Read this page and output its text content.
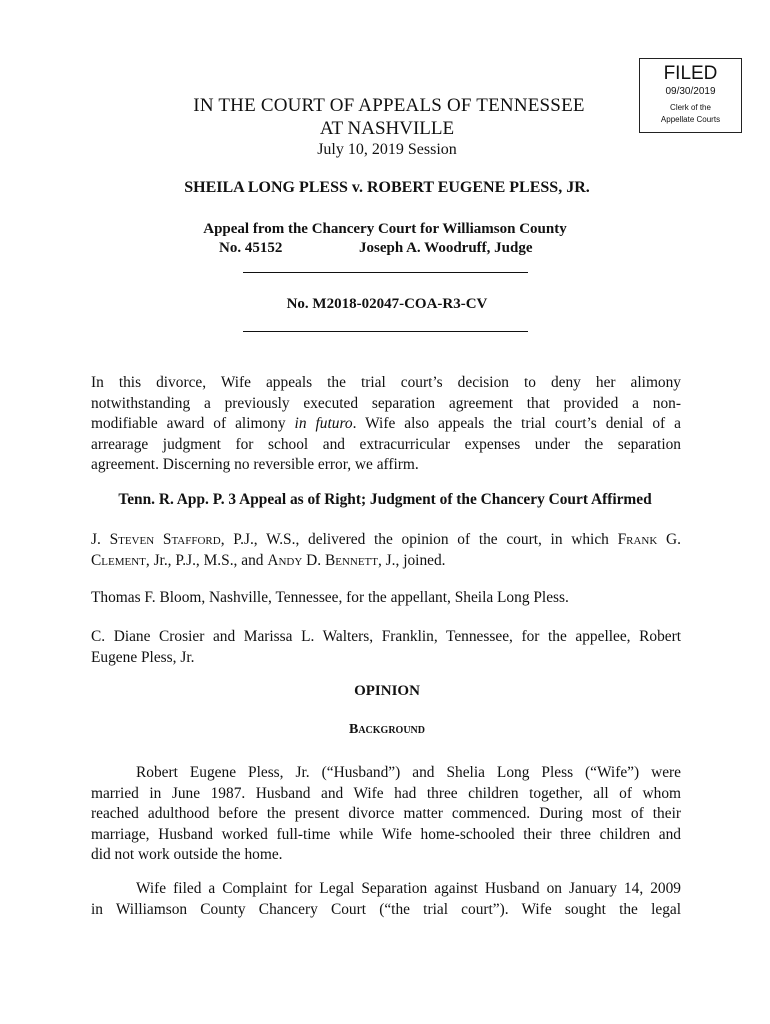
FILED
09/30/2019
Clerk of the
Appellate Courts
IN THE COURT OF APPEALS OF TENNESSEE
AT NASHVILLE
July 10, 2019 Session
SHEILA LONG PLESS v. ROBERT EUGENE PLESS, JR.
Appeal from the Chancery Court for Williamson County
No. 45152	Joseph A. Woodruff, Judge
No. M2018-02047-COA-R3-CV
In this divorce, Wife appeals the trial court’s decision to deny her alimony
notwithstanding a previously executed separation agreement that provided a non-
modifiable award of alimony in futuro. Wife also appeals the trial court’s denial of a
arrearage judgment for school and extracurricular expenses under the separation
agreement. Discerning no reversible error, we affirm.
Tenn. R. App. P. 3 Appeal as of Right; Judgment of the Chancery Court Affirmed
J. Steven Stafford, P.J., W.S., delivered the opinion of the court, in which Frank G.
Clement, Jr., P.J., M.S., and Andy D. Bennett, J., joined.
Thomas F. Bloom, Nashville, Tennessee, for the appellant, Sheila Long Pless.
C. Diane Crosier and Marissa L. Walters, Franklin, Tennessee, for the appellee, Robert
Eugene Pless, Jr.
OPINION
Background
Robert Eugene Pless, Jr. (“Husband”) and Shelia Long Pless (“Wife”) were
married in June 1987. Husband and Wife had three children together, all of whom
reached adulthood before the present divorce matter commenced. During most of their
marriage, Husband worked full-time while Wife home-schooled their three children and
did not work outside the home.
Wife filed a Complaint for Legal Separation against Husband on January 14, 2009
in Williamson County Chancery Court (“the trial court”). Wife sought the legal
